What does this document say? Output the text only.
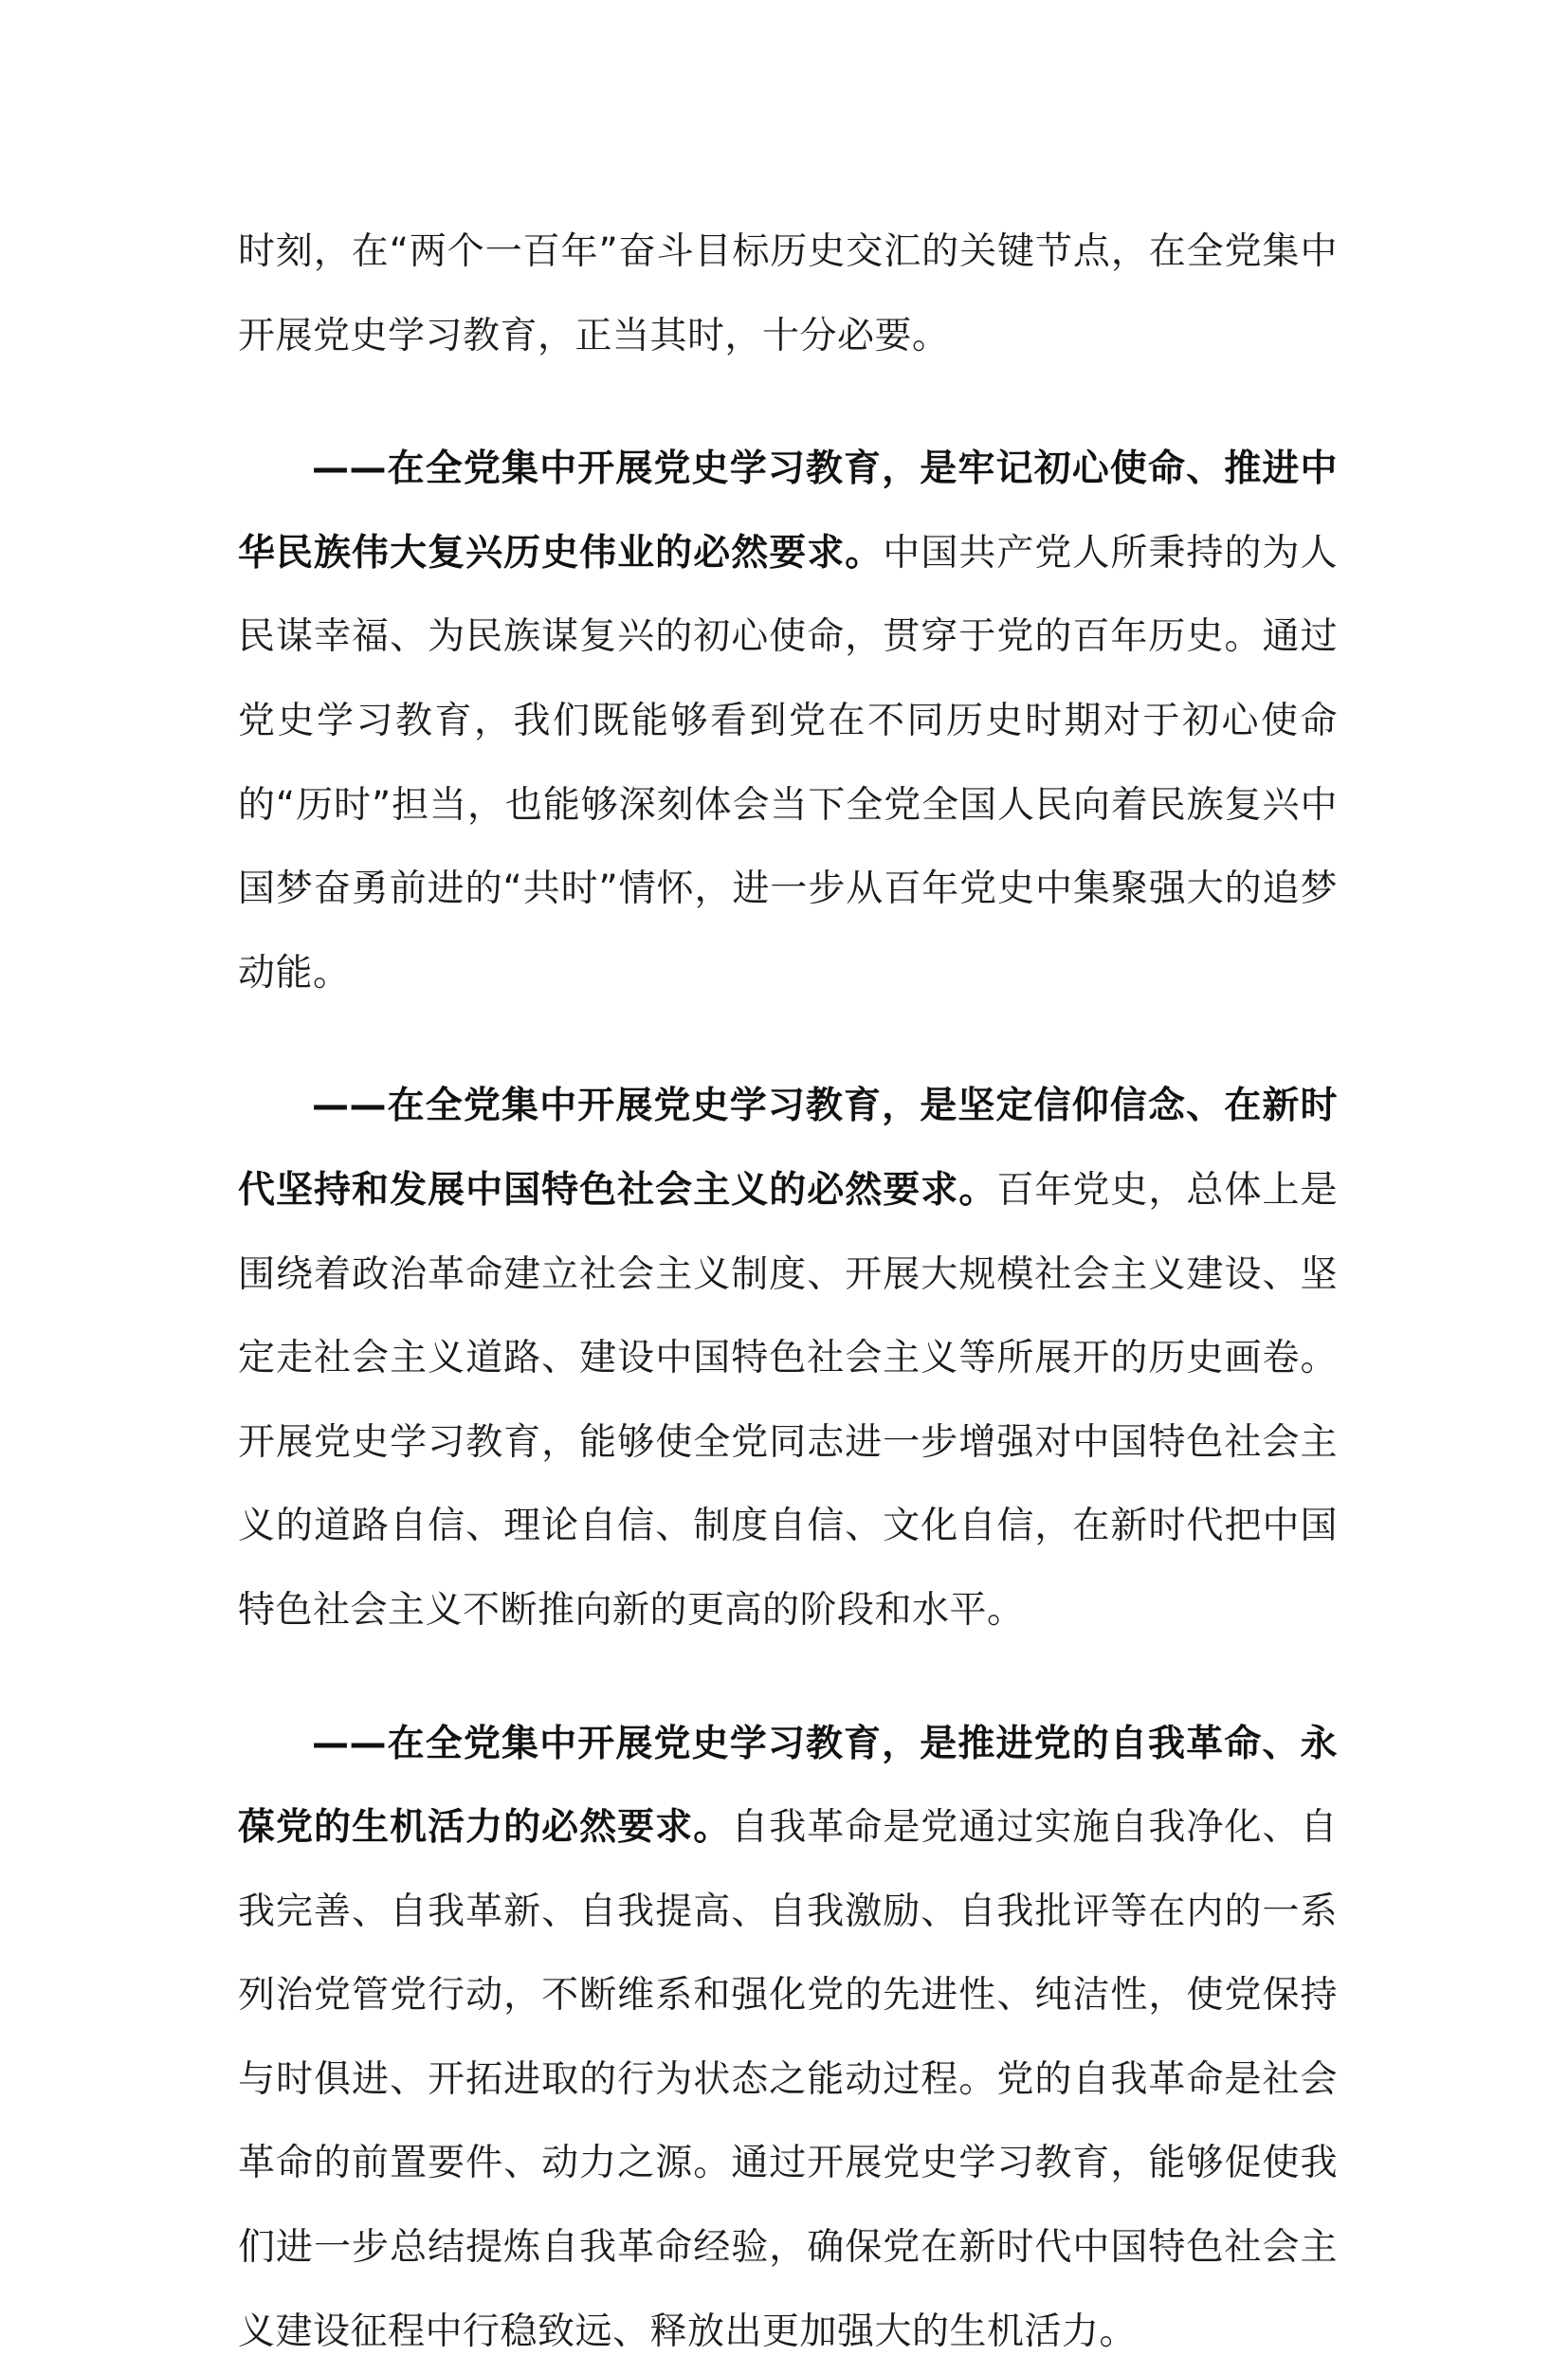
时刻，在“两个一百年”奋斗目标历史交汇的关键节点，在全党集中开展党史学习教育，正当其时，十分必要。

——在全党集中开展党史学习教育，是牢记初心使命、推进中华民族伟大复兴历史伟业的必然要求。中国共产党人所秉持的为人民谋幸福、为民族谋复兴的初心使命，贯穿于党的百年历史。通过党史学习教育，我们既能够看到党在不同历史时期对于初心使命的“历时”担当，也能够深刻体会当下全党全国人民向着民族复兴中国梦奋勇前进的“共时”情怀，进一步从百年党史中集聚强大的追梦动能。

——在全党集中开展党史学习教育，是坚定信仰信念、在新时代坚持和发展中国特色社会主义的必然要求。百年党史，总体上是围绕着政治革命建立社会主义制度、开展大规模社会主义建设、坚定走社会主义道路、建设中国特色社会主义等所展开的历史画卷。开展党史学习教育，能够使全党同志进一步增强对中国特色社会主义的道路自信、理论自信、制度自信、文化自信，在新时代把中国特色社会主义不断推向新的更高的阶段和水平。

——在全党集中开展党史学习教育，是推进党的自我革命、永葆党的生机活力的必然要求。自我革命是党通过实施自我净化、自我完善、自我革新、自我提高、自我激励、自我批评等在内的一系列治党管党行动，不断维系和强化党的先进性、纯洁性，使党保持与时俱进、开拓进取的行为状态之能动过程。党的自我革命是社会革命的前置要件、动力之源。通过开展党史学习教育，能够促使我们进一步总结提炼自我革命经验，确保党在新时代中国特色社会主义建设征程中行稳致远、释放出更加强大的生机活力。
